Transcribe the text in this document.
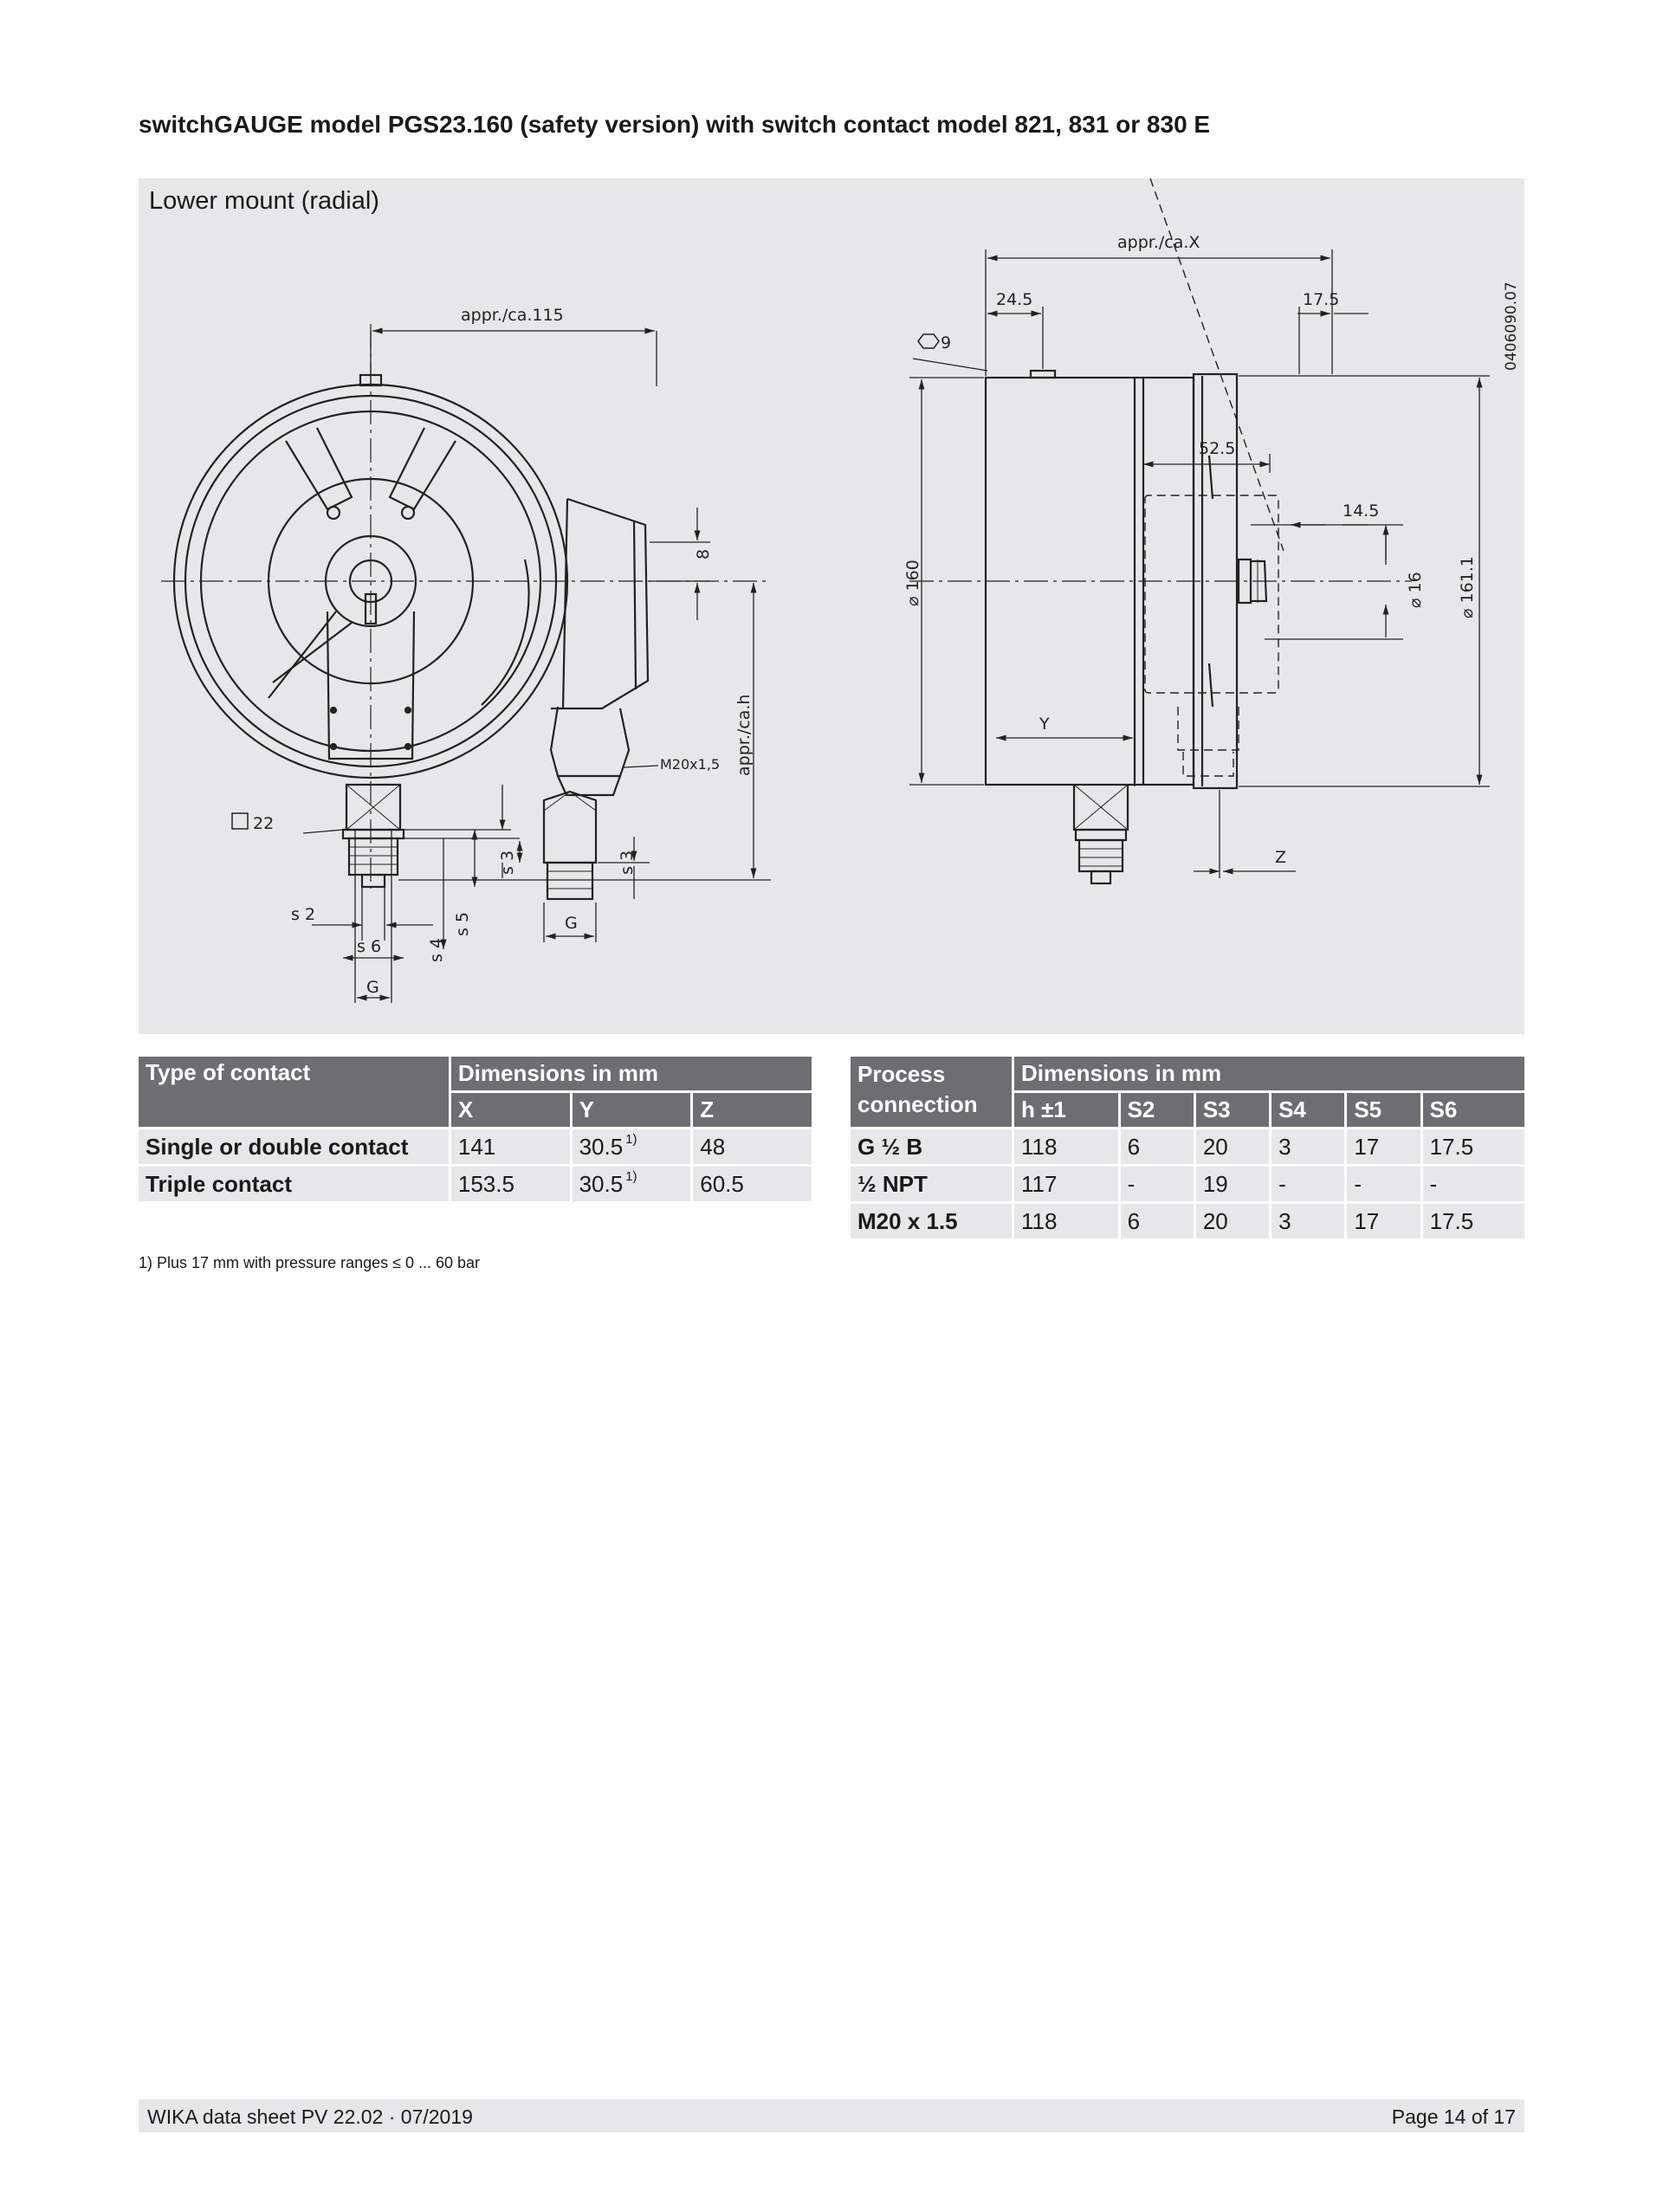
switchGAUGE model PGS23.160 (safety version) with switch contact model 821, 831 or 830 E
Lower mount (radial)
appr./ca.115
8
M20x1,5 appr./ca.h
22
s 2
s 6
G
s 4
s 5
s 3
G
s 3
appr./ca.X
24.5	17.5
9
52.5
14.5
⌀ 160	⌀ 16 ⌀ 161.1
Y
Z
0406090.07
Type of contact	Dimensions in mm		
	X	Y	Z
Single or double contact	141	30.5 $^{1)}$	48
Triple contact	153.5	30.5 $^{1)}$	60.5
Process connection	Dimensions in mm					
	h ±1	S2	S3	S4	S5	S6
G ½ B	118	6	20	3	17	17.5
½ NPT	117	-	19	-	-	-
M20 x 1.5	118	6	20	3	17	17.5
1) Plus 17 mm with pressure ranges ≤ 0 ... 60 bar
WIKA data sheet PV 22.02 · 07/2019	Page 14 of 17
